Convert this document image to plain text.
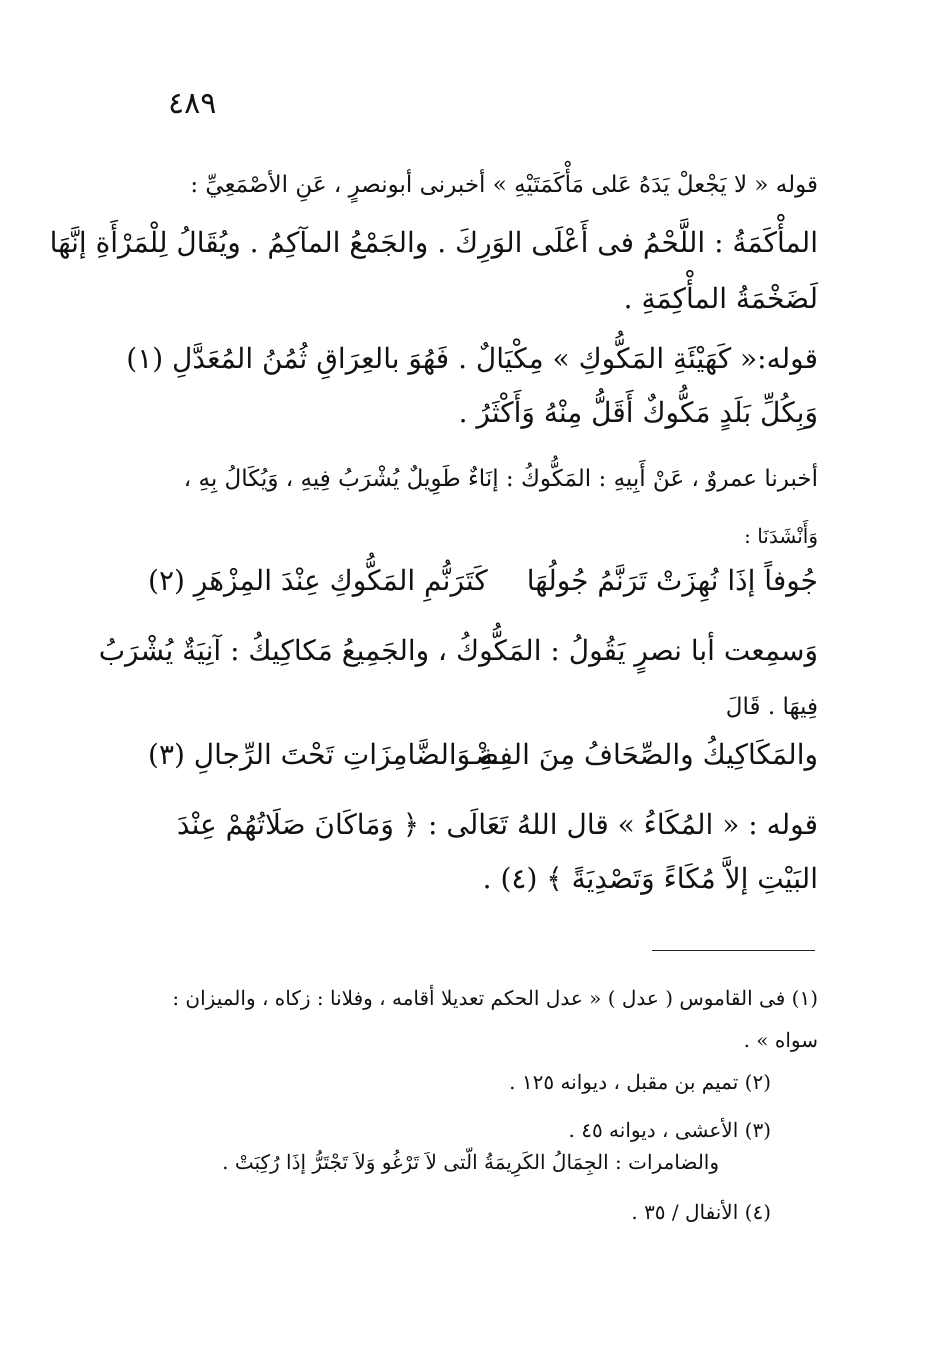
٤٨٩
قوله « لا يَجْعلْ يَدَهُ عَلى مَأْكَمَتَيْهِ » أخبرنى أبونصرٍ ، عَنِ الأصْمَعِيِّ :
المأْكَمَةُ : اللَّحْمُ فى أَعْلَى الوَرِكَ . والجَمْعُ المآكِمُ . ويُقَالُ لِلْمَرْأَةِ إنَّهَا
لَضَخْمَةُ المأْكِمَةِ .
قوله:« كَهَيْئَةِ المَكُّوكِ » مِكْيَالٌ . فَهُوَ بالعِرَاقِ ثُمُنُ المُعَدَّلِ (١)
وَبِكُلِّ بَلَدٍ مَكُّوكٌ أَقَلُّ مِنْهُ وَأَكْثَرُ .
أخبرنا عمروٌ ، عَنْ أَبِيهِ : المَكُّوكُ : إنَاءٌ طَوِيلٌ يُشْرَبُ فِيهِ ، وَيُكَالُ بِهِ ،
وَأَنْشَدَنَا :
جُوفاً إذَا نُهِزَتْ تَرَنَّمُ جُولُهَا
كَتَرَنُّمِ المَكُّوكِ عِنْدَ المِزْهَرِ (٢)
وَسمِعت أبا نصرٍ يَقُولُ : المَكُّوكُ ، والجَمِيعُ مَكاكِيكُ : آنِيَةٌ يُشْرَبُ
فِيهَا . قَالَ
والمَكَاكِيكُ والصِّحَافُ مِنَ الفِضْـ
ـةِ وَالضَّامِزَاتِ تَحْتَ الرِّجالِ (٣)
قوله : « المُكَاءُ » قال اللهُ تَعَالَى : ﴿ وَمَاكَانَ صَلَاتُهُمْ عِنْدَ
البَيْتِ إلاَّ مُكَاءً وَتَصْدِيَةً ﴾ (٤) .
(١) فى القاموس ( عدل ) « عدل الحكم تعديلا أقامه ، وفلانا : زكاه ، والميزان :
سواه » .
(٢) تميم بن مقبل ، ديوانه ١٢٥ .
(٣) الأعشى ، ديوانه ٤٥ .
والضامرات : الجِمَالُ الكَرِيمَةُ الّتى لاَ تَرْغُو وَلاَ تَجْتَرُّ إذَا رُكِبَتْ .
(٤) الأنفال / ٣٥ .
